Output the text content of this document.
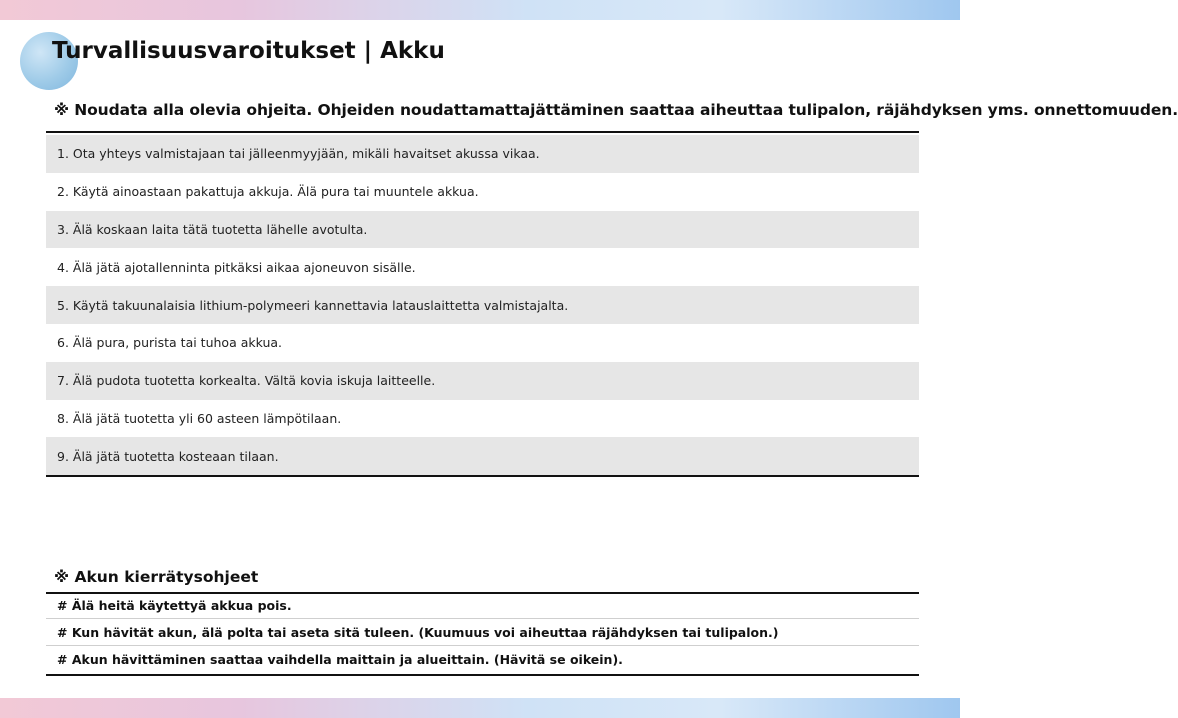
Turvallisuusvaroitukset | Akku
※ Noudata alla olevia ohjeita. Ohjeiden noudattamattajättäminen saattaa aiheuttaa tulipalon, räjähdyksen yms. onnettomuuden.
1. Ota yhteys valmistajaan tai jälleenmyyjään, mikäli havaitset akussa vikaa.
2. Käytä ainoastaan pakattuja akkuja. Älä pura tai muuntele akkua.
3. Älä koskaan laita tätä tuotetta lähelle avotulta.
4. Älä jätä ajotallenninta pitkäksi aikaa ajoneuvon sisälle.
5. Käytä takuunalaisia lithium-polymeeri kannettavia latauslaittetta valmistajalta.
6. Älä pura, purista tai tuhoa akkua.
7. Älä pudota tuotetta korkealta. Vältä kovia iskuja laitteelle.
8. Älä jätä tuotetta yli 60 asteen lämpötilaan.
9. Älä jätä tuotetta kosteaan tilaan.
※ Akun kierrätysohjeet
# Älä heitä käytettyä akkua pois.
# Kun hävität akun, älä polta tai aseta sitä tuleen. (Kuumuus voi aiheuttaa räjähdyksen tai tulipalon.)
# Akun hävittäminen saattaa vaihdella maittain ja alueittain. (Hävitä se oikein).
